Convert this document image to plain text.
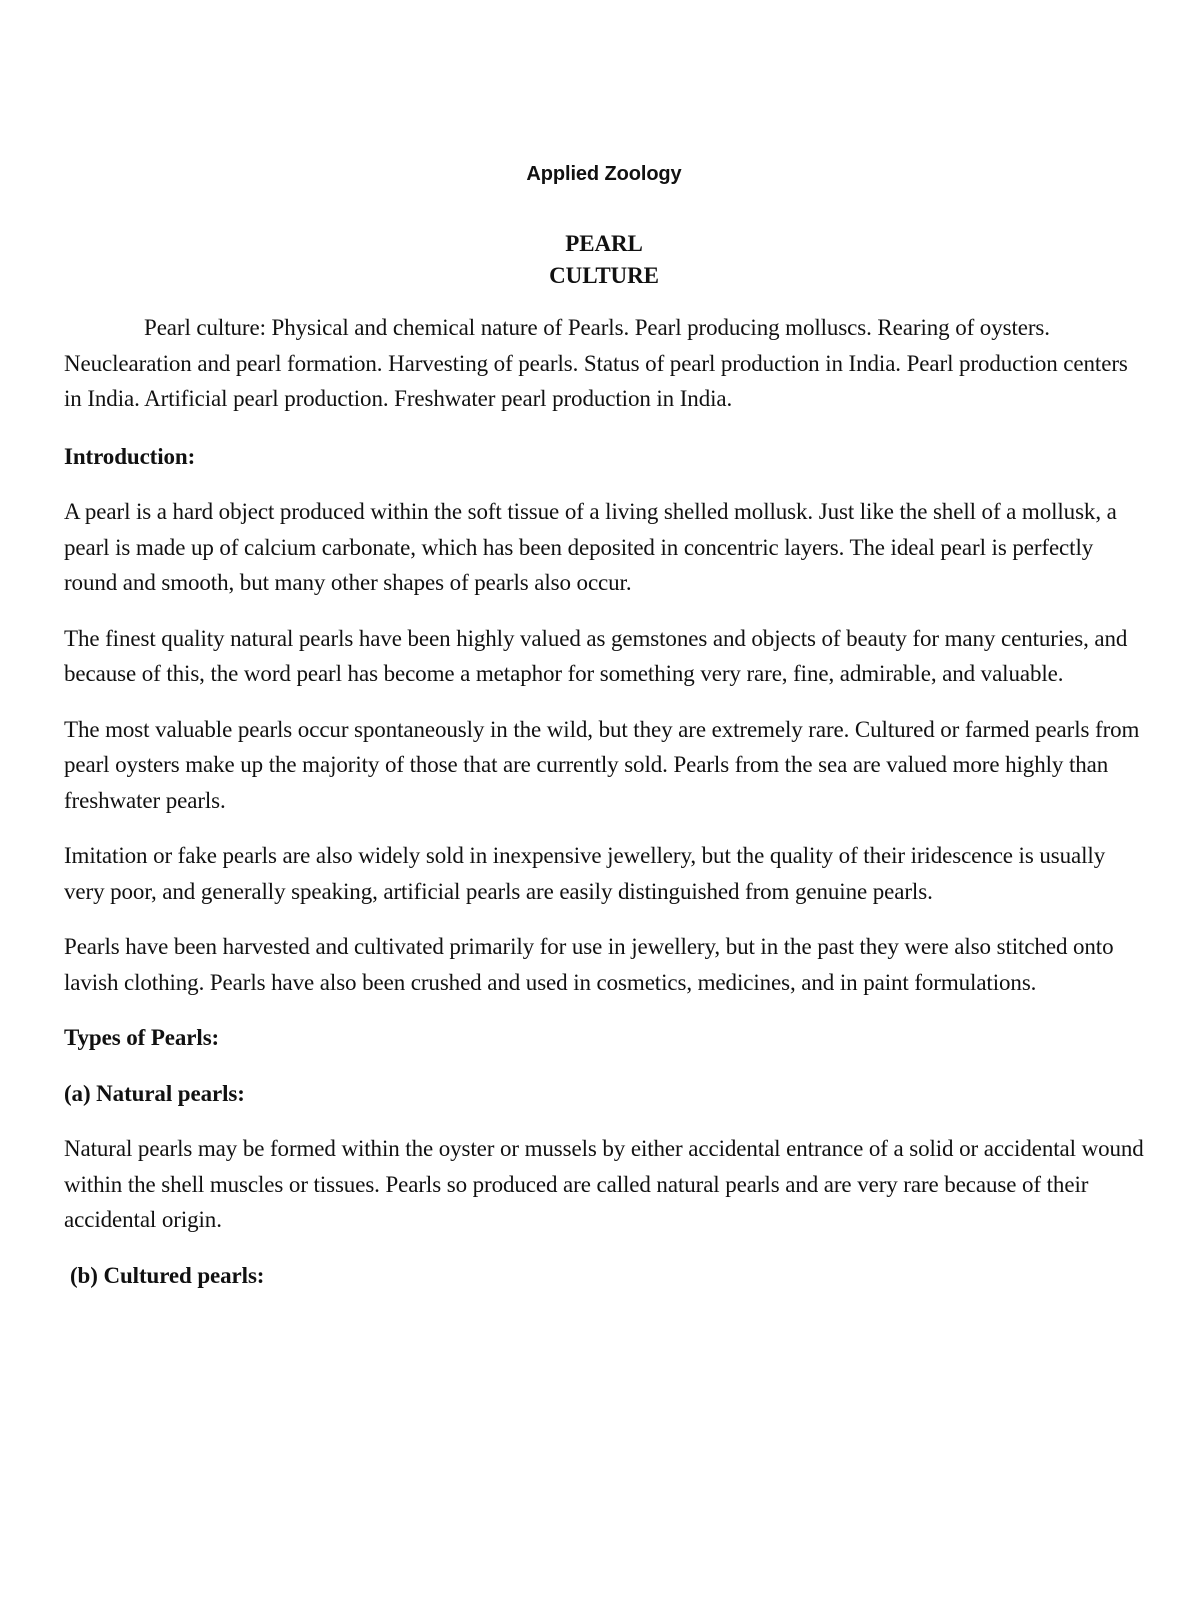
Applied Zoology
PEARL
CULTURE

Pearl culture: Physical and chemical nature of Pearls. Pearl producing molluscs. Rearing of oysters. Neuclearation and pearl formation. Harvesting of pearls. Status of pearl production in India. Pearl production centers in India. Artificial pearl production. Freshwater pearl production in India.

Introduction:

A pearl is a hard object produced within the soft tissue of a living shelled mollusk. Just like the shell of a mollusk, a pearl is made up of calcium carbonate, which has been deposited in concentric layers. The ideal pearl is perfectly round and smooth, but many other shapes of pearls also occur.

The finest quality natural pearls have been highly valued as gemstones and objects of beauty for many centuries, and because of this, the word pearl has become a metaphor for something very rare, fine, admirable, and valuable.

The most valuable pearls occur spontaneously in the wild, but they are extremely rare. Cultured or farmed pearls from pearl oysters make up the majority of those that are currently sold. Pearls from the sea are valued more highly than freshwater pearls.

Imitation or fake pearls are also widely sold in inexpensive jewellery, but the quality of their iridescence is usually very poor, and generally speaking, artificial pearls are easily distinguished from genuine pearls.

Pearls have been harvested and cultivated primarily for use in jewellery, but in the past they were also stitched onto lavish clothing. Pearls have also been crushed and used in cosmetics, medicines, and in paint formulations.

Types of Pearls:
(a) Natural pearls:

Natural pearls may be formed within the oyster or mussels by either accidental entrance of a solid or accidental wound within the shell muscles or tissues. Pearls so produced are called natural pearls and are very rare because of their accidental origin.

(b) Cultured pearls:
